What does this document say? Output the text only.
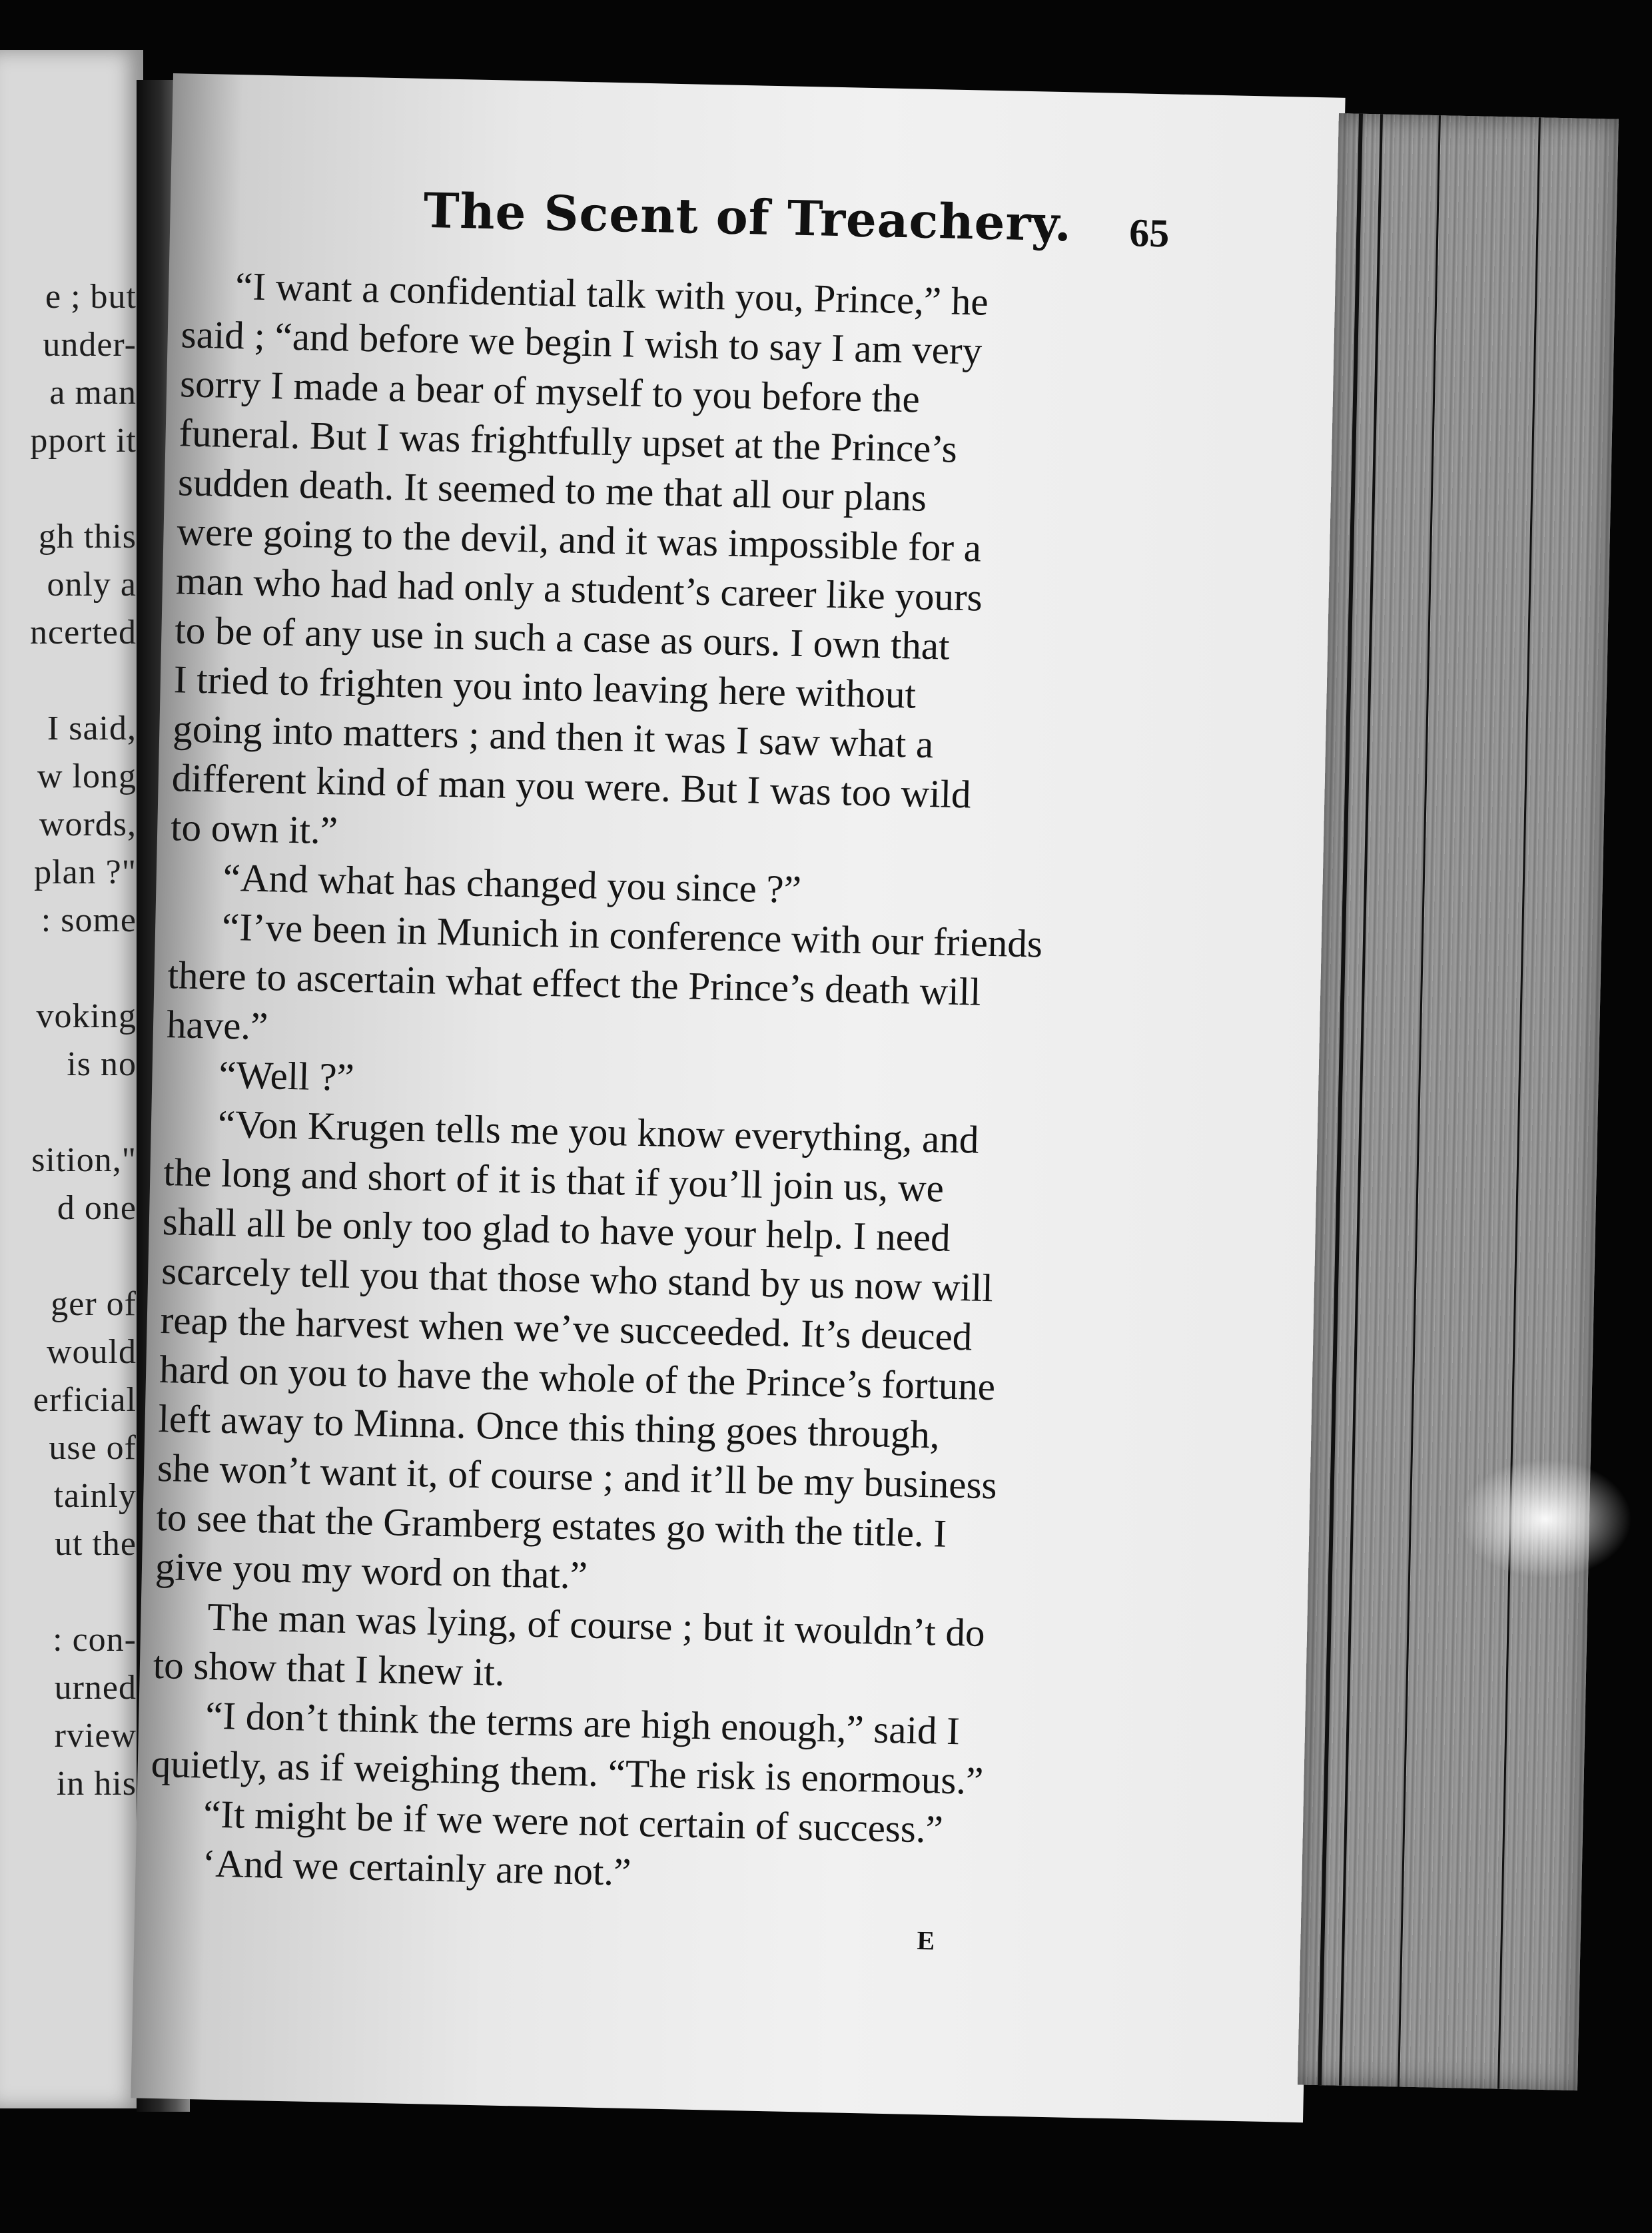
e ; but
under-
a man
pport it
gh this
only a
ncerted
I said,
w long
words,
plan ?"
: some
voking
is no
sition,"
d one
ger of
would
erficial
use of
tainly
ut the
: con-
urned
rview
in his
The Scent of Treachery.	65
“I want a confidential talk with you, Prince,” he
said ; “and before we begin I wish to say I am very
sorry I made a bear of myself to you before the
funeral. But I was frightfully upset at the Prince’s
sudden death. It seemed to me that all our plans
were going to the devil, and it was impossible for a
man who had had only a student’s career like yours
to be of any use in such a case as ours. I own that
I tried to frighten you into leaving here without
going into matters ; and then it was I saw what a
different kind of man you were. But I was too wild
to own it.”
“And what has changed you since ?”
“I’ve been in Munich in conference with our friends
there to ascertain what effect the Prince’s death will
have.”
“Well ?”
“Von Krugen tells me you know everything, and
the long and short of it is that if you’ll join us, we
shall all be only too glad to have your help. I need
scarcely tell you that those who stand by us now will
reap the harvest when we’ve succeeded. It’s deuced
hard on you to have the whole of the Prince’s fortune
left away to Minna. Once this thing goes through,
she won’t want it, of course ; and it’ll be my business
to see that the Gramberg estates go with the title. I
give you my word on that.”
The man was lying, of course ; but it wouldn’t do
to show that I knew it.
“I don’t think the terms are high enough,” said I
quietly, as if weighing them. “The risk is enormous.”
“It might be if we were not certain of success.”
‘And we certainly are not.”
E
